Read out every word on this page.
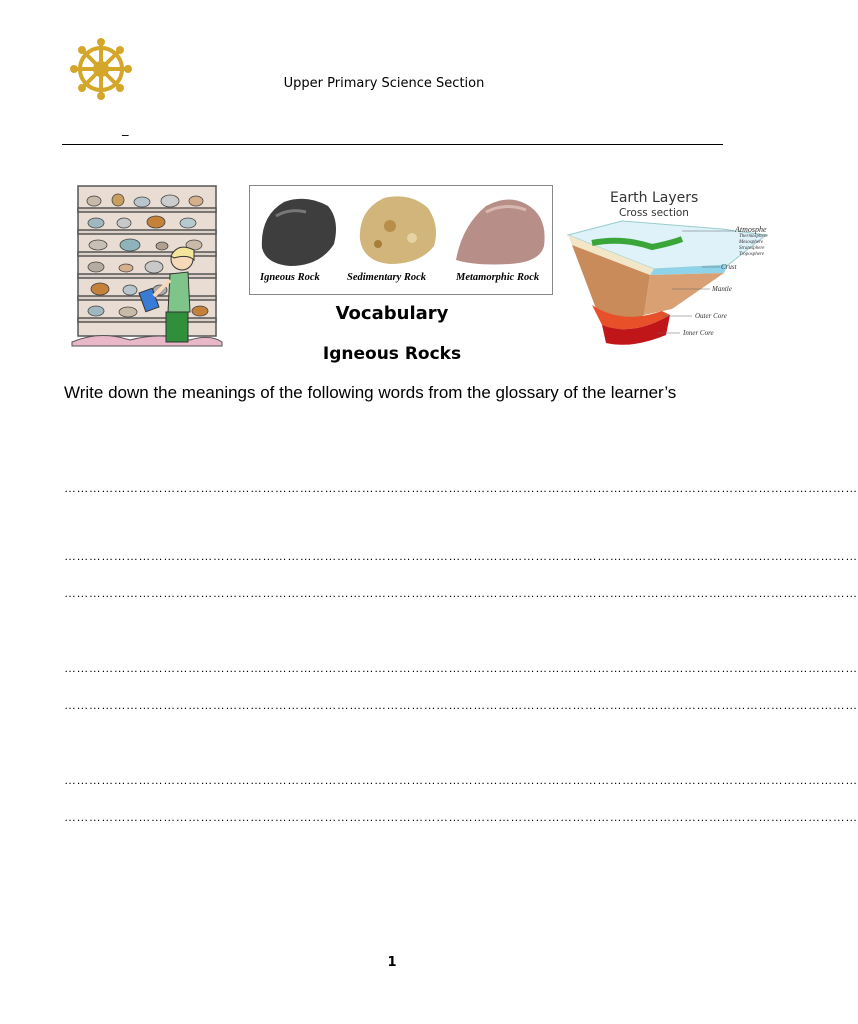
Upper Primary Science Section
_
Igneous Rock	Sedimentary Rock	Metamorphic Rock
Earth Layers
Cross section
Atmosphe
Thermosphere
Mesosphere
Stratosphere
Troposphere
Crust
Mantle
Outer Core
Inner Core
Vocabulary
Igneous Rocks
Write down the meanings of the following words from the glossary of the learner’s
…………………………………………………………………………………………………………………………………………………………………………
…………………………………………………………………………………………………………………………………………………………………………
…………………………………………………………………………………………………………………………………………………………………………
…………………………………………………………………………………………………………………………………………………………………………
…………………………………………………………………………………………………………………………………………………………………………
…………………………………………………………………………………………………………………………………………………………………………
…………………………………………………………………………………………………………………………………………………………………………
1
